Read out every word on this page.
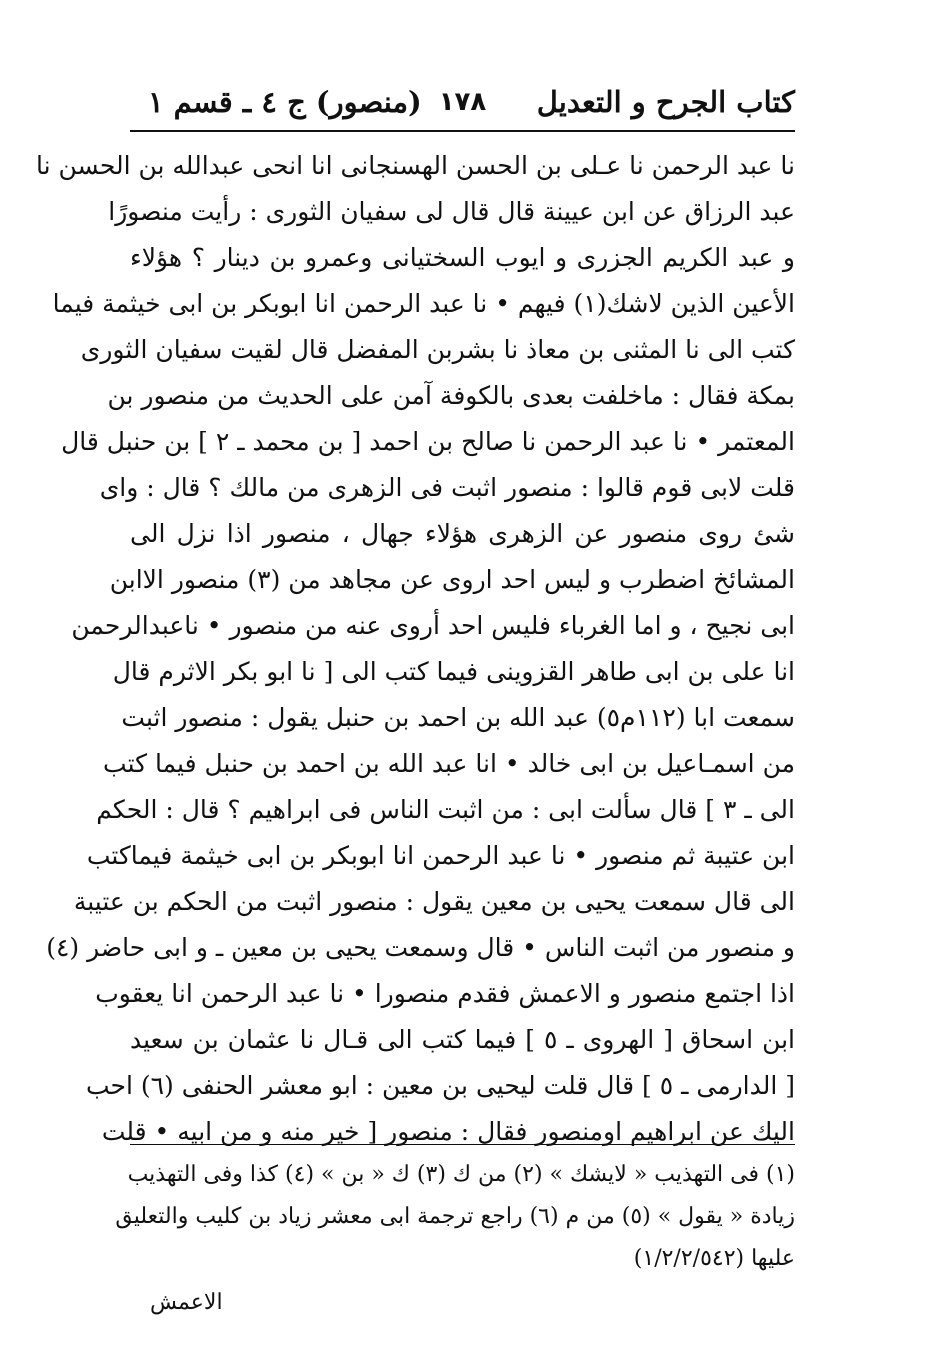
كتاب الجرح و التعديل
١٧٨
(منصور) ج ٤ ـ قسم ١
نا عبد الرحمن نا عـلى بن الحسن الهسنجانى انا انحى عبدالله بن الحسن نا
عبد الرزاق عن ابن عيينة قال قال لى سفيان الثورى : رأيت منصورًا
و عبد الكريم الجزرى و ايوب السختيانى وعمرو بن دينار ؟ هؤلاء
الأعين الذين لاشك(١) فيهم • نا عبد الرحمن انا ابوبكر بن ابى خيثمة فيما
كتب الى نا المثنى بن معاذ نا بشربن المفضل قال لقيت سفيان الثورى
بمكة فقال : ماخلفت بعدى بالكوفة آمن على الحديث من منصور بن
المعتمر • نا عبد الرحمن نا صالح بن احمد [ بن محمد ـ ٢ ] بن حنبل قال
قلت لابى قوم قالوا : منصور اثبت فى الزهرى من مالك ؟ قال : واى
شئ روى منصور عن الزهرى هؤلاء جهال ، منصور اذا نزل الى
المشائخ اضطرب و ليس احد اروى عن مجاهد من (٣) منصور الاابن
ابى نجيح ، و اما الغرباء فليس احد أروى عنه من منصور • ناعبدالرحمن
انا على بن ابى طاهر القزوينى فيما كتب الى [ نا ابو بكر الاثرم قال
سمعت ابا (١١٢م٥) عبد الله بن احمد بن حنبل يقول : منصور اثبت
من اسمـاعيل بن ابى خالد • انا عبد الله بن احمد بن حنبل فيما كتب
الى ـ ٣ ] قال سألت ابى : من اثبت الناس فى ابراهيم ؟ قال : الحكم
ابن عتيبة ثم منصور • نا عبد الرحمن انا ابوبكر بن ابى خيثمة فيماكتب
الى قال سمعت يحيى بن معين يقول : منصور اثبت من الحكم بن عتيبة
و منصور من اثبت الناس • قال وسمعت يحيى بن معين ـ و ابى حاضر (٤)
اذا اجتمع منصور و الاعمش فقدم منصورا • نا عبد الرحمن انا يعقوب
ابن اسحاق [ الهروى ـ ٥ ] فيما كتب الى قـال نا عثمان بن سعيد
[ الدارمى ـ ٥ ] قال قلت ليحيى بن معين : ابو معشر الحنفى (٦) احب
اليك عن ابراهيم اومنصور فقال : منصور [ خير منه و من ابيه • قلت
(١) فى التهذيب « لايشك » (٢) من ك (٣) ك « بن » (٤) كذا وفى التهذيب
زيادة « يقول » (٥) من م (٦) راجع ترجمة ابى معشر زياد بن كليب والتعليق
عليها (١/٢/٢/٥٤٢)
الاعمش
